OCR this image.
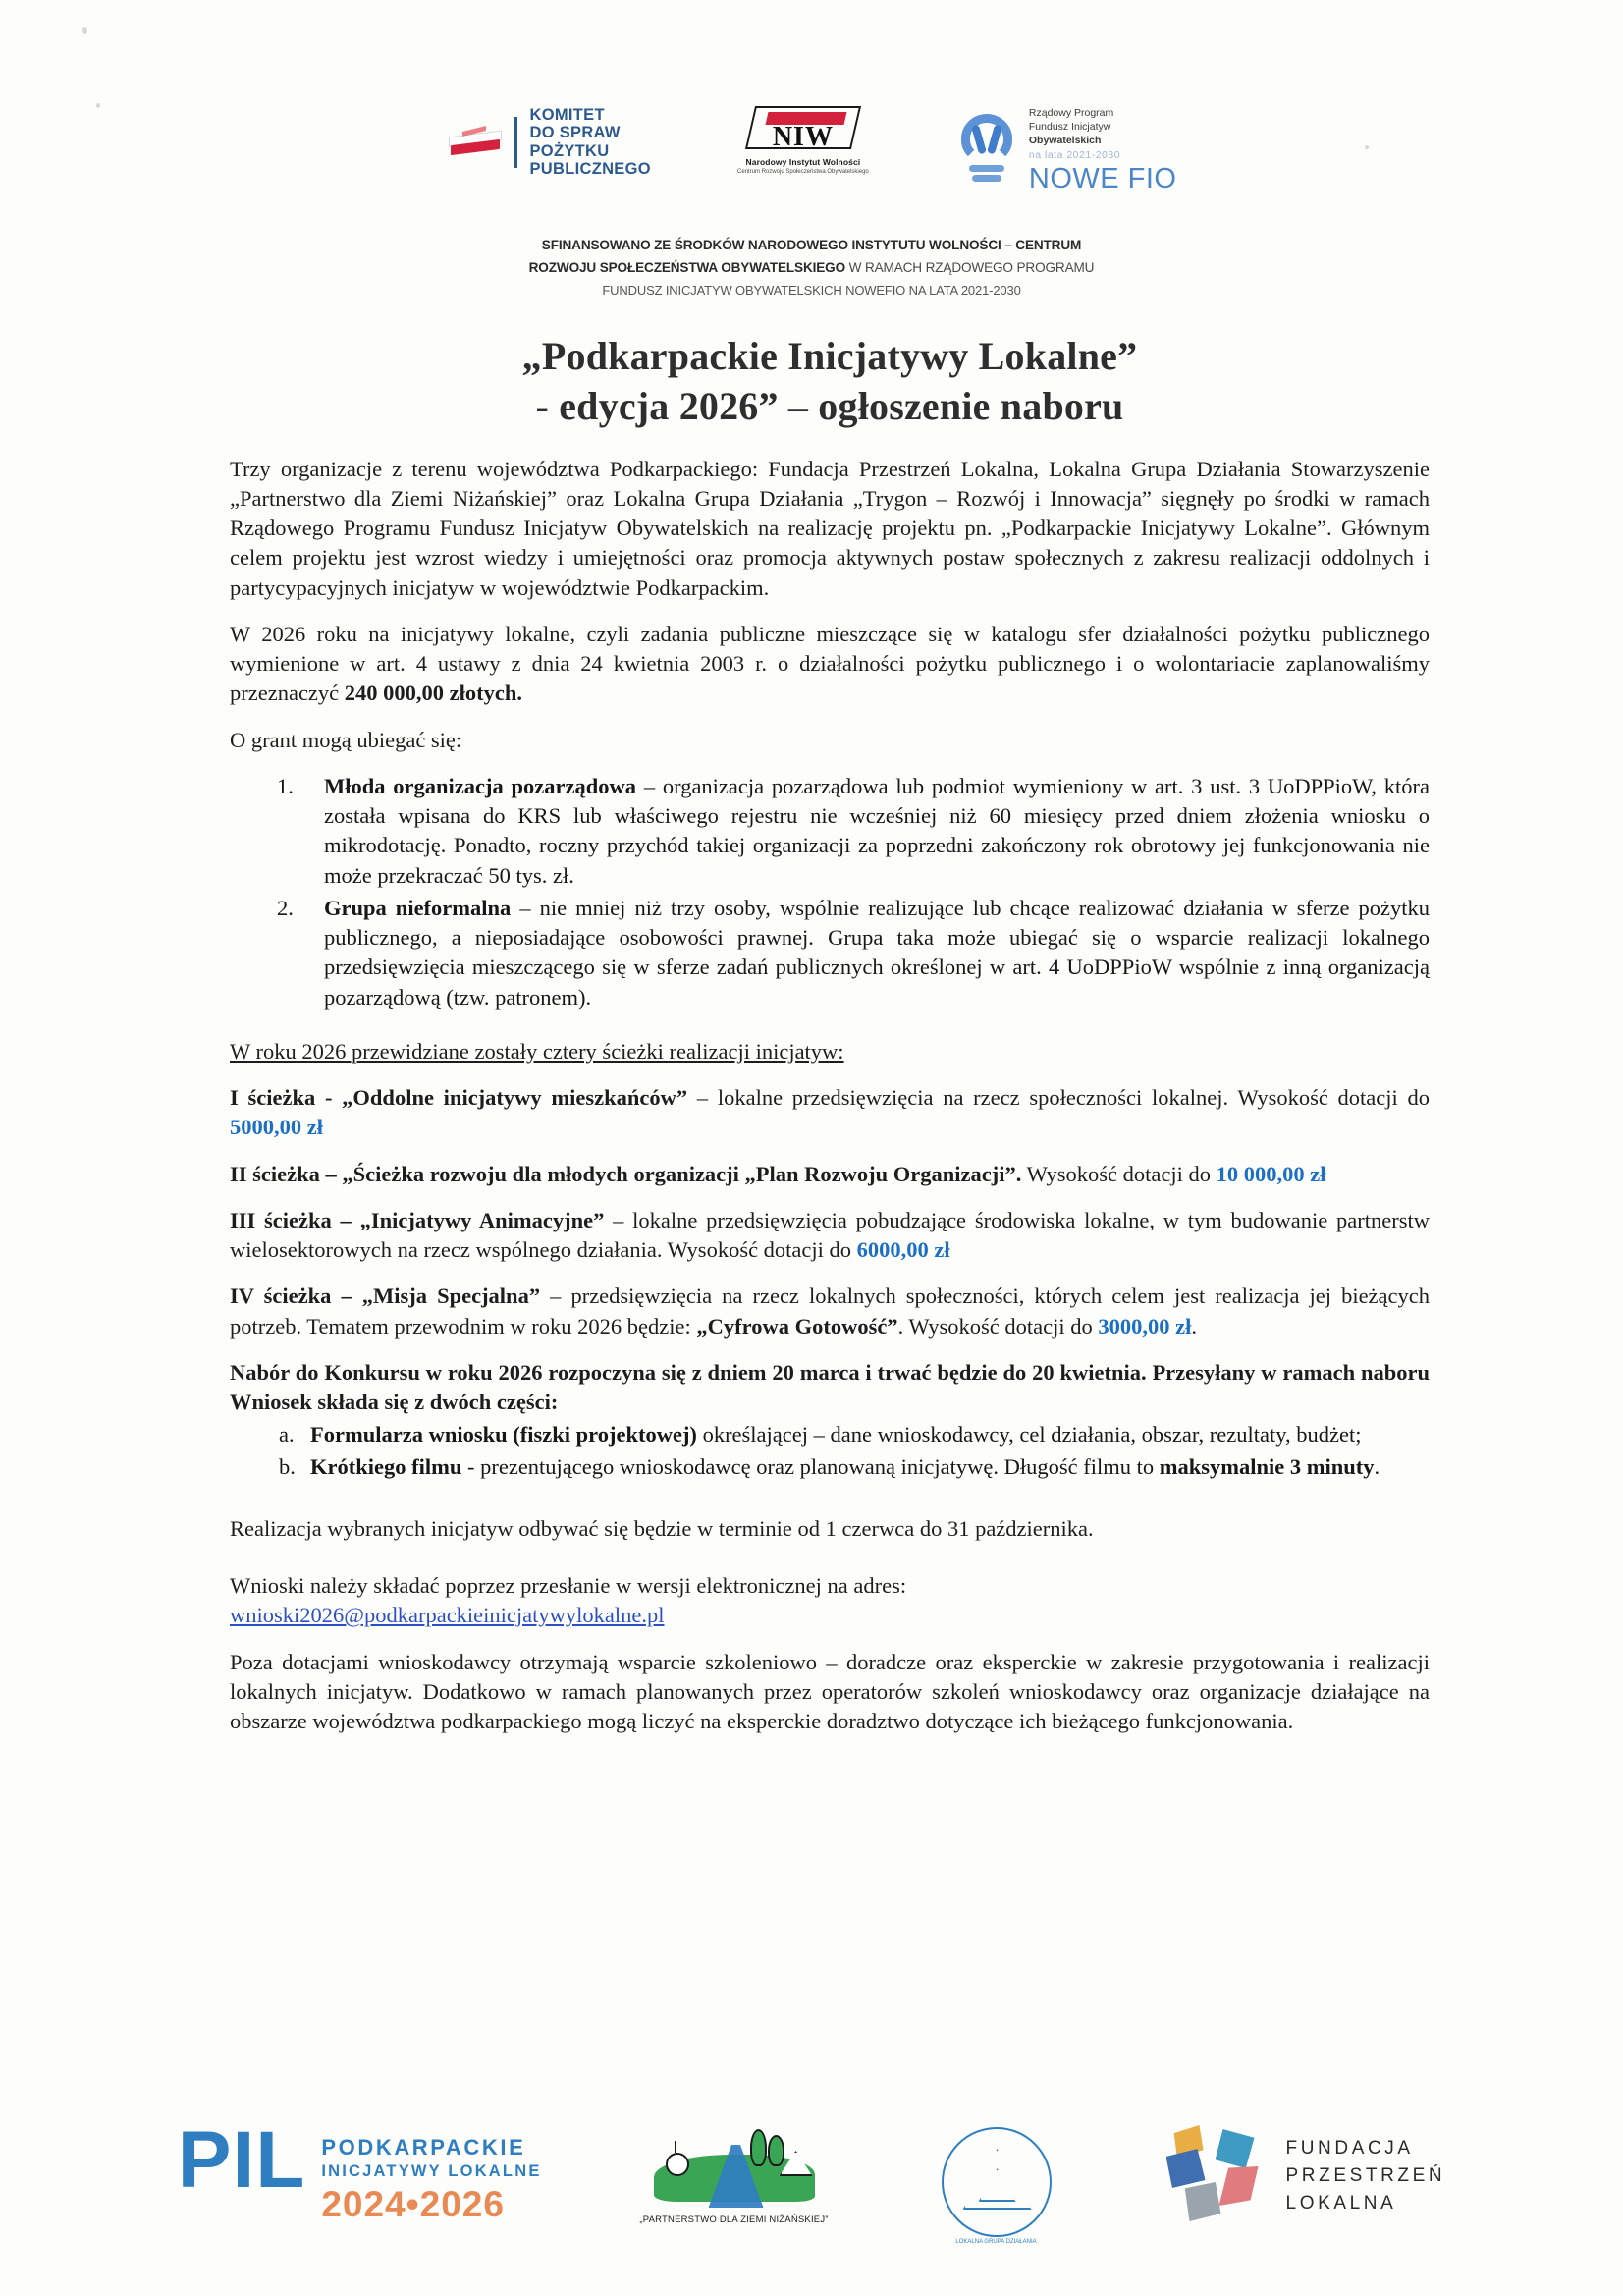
KOMITET
DO SPRAW
POŻYTKU
PUBLICZNEGO
NIW
Narodowy Instytut Wolności
Centrum Rozwoju Społeczeństwa Obywatelskiego
Rządowy Program
Fundusz Inicjatyw
Obywatelskich
na lata 2021-2030
NOWE FIO
SFINANSOWANO ZE ŚRODKÓW NARODOWEGO INSTYTUTU WOLNOŚCI – CENTRUM
ROZWOJU SPOŁECZEŃSTWA OBYWATELSKIEGO W RAMACH RZĄDOWEGO PROGRAMU
FUNDUSZ INICJATYW OBYWATELSKICH NOWEFIO NA LATA 2021-2030
„Podkarpackie Inicjatywy Lokalne”
- edycja 2026” – ogłoszenie naboru

Trzy organizacje z terenu województwa Podkarpackiego: Fundacja Przestrzeń Lokalna, Lokalna Grupa Działania Stowarzyszenie „Partnerstwo dla Ziemi Niżańskiej” oraz Lokalna Grupa Działania „Trygon – Rozwój i Innowacja” sięgnęły po środki w ramach Rządowego Programu Fundusz Inicjatyw Obywatelskich na realizację projektu pn. „Podkarpackie Inicjatywy Lokalne”. Głównym celem projektu jest wzrost wiedzy i umiejętności oraz promocja aktywnych postaw społecznych z zakresu realizacji oddolnych i partycypacyjnych inicjatyw w województwie Podkarpackim.

W 2026 roku na inicjatywy lokalne, czyli zadania publiczne mieszczące się w katalogu sfer działalności pożytku publicznego wymienione w art. 4 ustawy z dnia 24 kwietnia 2003 r. o działalności pożytku publicznego i o wolontariacie zaplanowaliśmy przeznaczyć 240 000,00 złotych.

O grant mogą ubiegać się:

Młoda organizacja pozarządowa – organizacja pozarządowa lub podmiot wymieniony w art. 3 ust. 3 UoDPPioW, która została wpisana do KRS lub właściwego rejestru nie wcześniej niż 60 miesięcy przed dniem złożenia wniosku o mikrodotację. Ponadto, roczny przychód takiej organizacji za poprzedni zakończony rok obrotowy jej funkcjonowania nie może przekraczać 50 tys. zł.
Grupa nieformalna – nie mniej niż trzy osoby, wspólnie realizujące lub chcące realizować działania w sferze pożytku publicznego, a nieposiadające osobowości prawnej. Grupa taka może ubiegać się o wsparcie realizacji lokalnego przedsięwzięcia mieszczącego się w sferze zadań publicznych określonej w art. 4 UoDPPioW wspólnie z inną organizacją pozarządową (tzw. patronem).

W roku 2026 przewidziane zostały cztery ścieżki realizacji inicjatyw:

I ścieżka - „Oddolne inicjatywy mieszkańców” – lokalne przedsięwzięcia na rzecz społeczności lokalnej. Wysokość dotacji do 5000,00 zł

II ścieżka – „Ścieżka rozwoju dla młodych organizacji „Plan Rozwoju Organizacji”. Wysokość dotacji do 10 000,00 zł

III ścieżka – „Inicjatywy Animacyjne” – lokalne przedsięwzięcia pobudzające środowiska lokalne, w tym budowanie partnerstw wielosektorowych na rzecz wspólnego działania. Wysokość dotacji do 6000,00 zł

IV ścieżka – „Misja Specjalna” – przedsięwzięcia na rzecz lokalnych społeczności, których celem jest realizacja jej bieżących potrzeb. Tematem przewodnim w roku 2026 będzie: „Cyfrowa Gotowość”. Wysokość dotacji do 3000,00 zł.

Nabór do Konkursu w roku 2026 rozpoczyna się z dniem 20 marca i trwać będzie do 20 kwietnia. Przesyłany w ramach naboru Wniosek składa się z dwóch części:

Formularza wniosku (fiszki projektowej) określającej – dane wnioskodawcy, cel działania, obszar, rezultaty, budżet;
Krótkiego filmu - prezentującego wnioskodawcę oraz planowaną inicjatywę. Długość filmu to maksymalnie 3 minuty.

Realizacja wybranych inicjatyw odbywać się będzie w terminie od 1 czerwca do 31 października.

Wnioski należy składać poprzez przesłanie w wersji elektronicznej na adres:

wnioski2026@podkarpackieinicjatywylokalne.pl

Poza dotacjami wnioskodawcy otrzymają wsparcie szkoleniowo – doradcze oraz eksperckie w zakresie przygotowania i realizacji lokalnych inicjatyw. Dodatkowo w ramach planowanych przez operatorów szkoleń wnioskodawcy oraz organizacje działające na obszarze województwa podkarpackiego mogą liczyć na eksperckie doradztwo dotyczące ich bieżącego funkcjonowania.

PIL PODKARPACKIE
INICJATYWY LOKALNE
2024•2026	„PARTNERSTWO DLA ZIEMI NIŻAŃSKIEJ”
LOKALNA GRUPA DZIAŁANIA
FUNDACJA
PRZESTRZEŃ
LOKALNA
